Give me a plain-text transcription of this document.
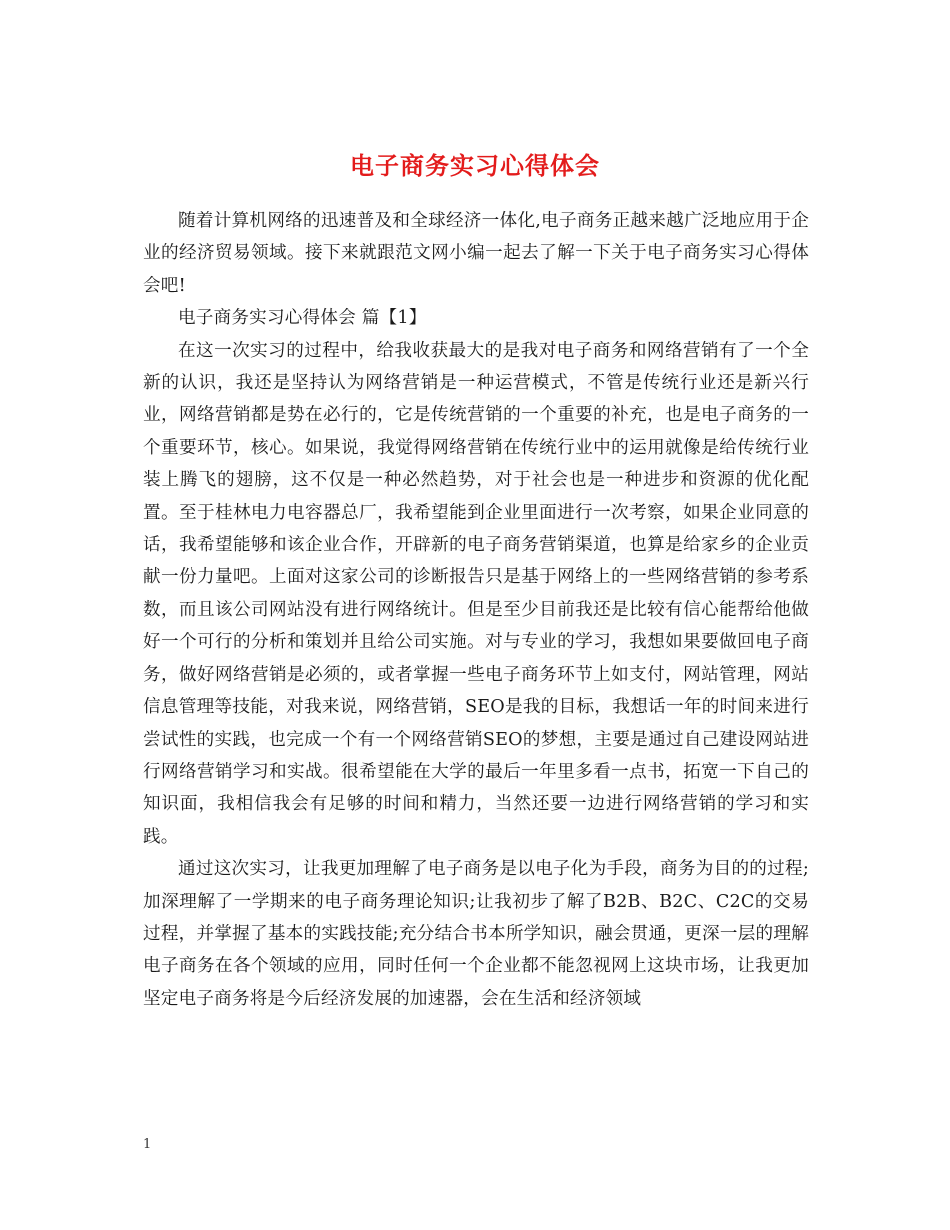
电子商务实习心得体会

随着计算机网络的迅速普及和全球经济一体化,电子商务正越来越广泛地应用于企业的经济贸易领域。接下来就跟范文网小编一起去了解一下关于电子商务实习心得体会吧!

电子商务实习心得体会 篇【1】

在这一次实习的过程中，给我收获最大的是我对电子商务和网络营销有了一个全新的认识，我还是坚持认为网络营销是一种运营模式，不管是传统行业还是新兴行业，网络营销都是势在必行的，它是传统营销的一个重要的补充，也是电子商务的一个重要环节，核心。如果说，我觉得网络营销在传统行业中的运用就像是给传统行业装上腾飞的翅膀，这不仅是一种必然趋势，对于社会也是一种进步和资源的优化配置。至于桂林电力电容器总厂，我希望能到企业里面进行一次考察，如果企业同意的话，我希望能够和该企业合作，开辟新的电子商务营销渠道，也算是给家乡的企业贡献一份力量吧。上面对这家公司的诊断报告只是基于网络上的一些网络营销的参考系数，而且该公司网站没有进行网络统计。但是至少目前我还是比较有信心能帮给他做好一个可行的分析和策划并且给公司实施。对与专业的学习，我想如果要做回电子商务，做好网络营销是必须的，或者掌握一些电子商务环节上如支付，网站管理，网站信息管理等技能，对我来说，网络营销，SEO是我的目标，我想话一年的时间来进行尝试性的实践，也完成一个有一个网络营销SEO的梦想，主要是通过自己建设网站进行网络营销学习和实战。很希望能在大学的最后一年里多看一点书，拓宽一下自己的知识面，我相信我会有足够的时间和精力，当然还要一边进行网络营销的学习和实践。

通过这次实习，让我更加理解了电子商务是以电子化为手段，商务为目的的过程;加深理解了一学期来的电子商务理论知识;让我初步了解了B2B、B2C、C2C的交易过程，并掌握了基本的实践技能;充分结合书本所学知识，融会贯通，更深一层的理解电子商务在各个领域的应用，同时任何一个企业都不能忽视网上这块市场，让我更加坚定电子商务将是今后经济发展的加速器，会在生活和经济领域

1
